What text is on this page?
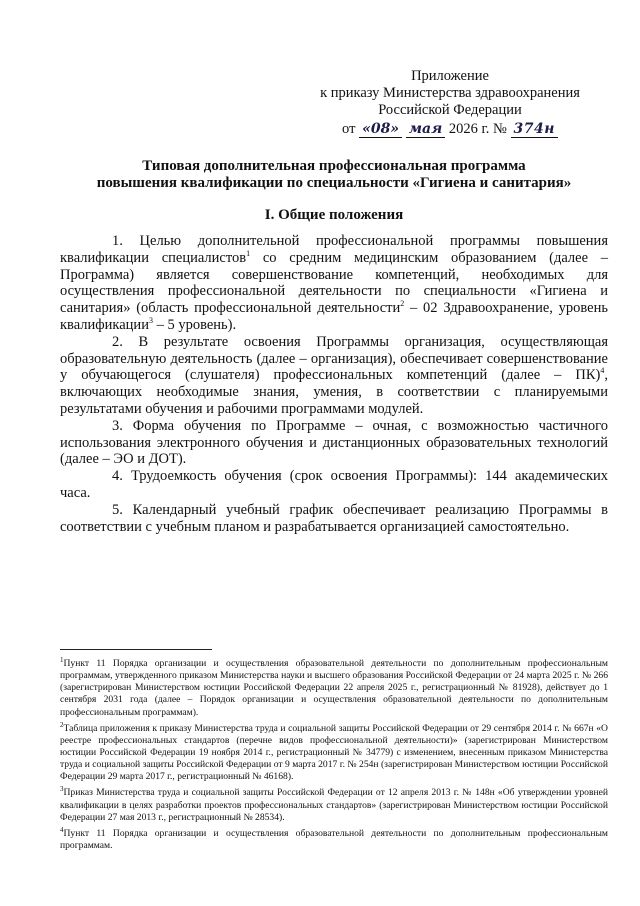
Приложение
к приказу Министерства здравоохранения
Российской Федерации
от «08» мая 2026 г. № 374н
Типовая дополнительная профессиональная программа
повышения квалификации по специальности «Гигиена и санитария»
I. Общие положения

1. Целью дополнительной профессиональной программы повышения квалификации специалистов$^1$ со средним медицинским образованием (далее – Программа) является совершенствование компетенций, необходимых для осуществления профессиональной деятельности по специальности «Гигиена и санитария» (область профессиональной деятельности$^2$ – 02 Здравоохранение, уровень квалификации$^3$ – 5 уровень).

2. В результате освоения Программы организация, осуществляющая образовательную деятельность (далее – организация), обеспечивает совершенствование у обучающегося (слушателя) профессиональных компетенций (далее – ПК)$^4$, включающих необходимые знания, умения, в соответствии с планируемыми результатами обучения и рабочими программами модулей.

3. Форма обучения по Программе – очная, с возможностью частичного использования электронного обучения и дистанционных образовательных технологий (далее – ЭО и ДОТ).

4. Трудоемкость обучения (срок освоения Программы): 144 академических часа.

5. Календарный учебный график обеспечивает реализацию Программы в соответствии с учебным планом и разрабатывается организацией самостоятельно.

$^1$Пункт 11 Порядка организации и осуществления образовательной деятельности по дополнительным профессиональным программам, утвержденного приказом Министерства науки и высшего образования Российской Федерации от 24 марта 2025 г. № 266 (зарегистрирован Министерством юстиции Российской Федерации 22 апреля 2025 г., регистрационный № 81928), действует до 1 сентября 2031 года (далее – Порядок организации и осуществления образовательной деятельности по дополнительным профессиональным программам).

$^2$Таблица приложения к приказу Министерства труда и социальной защиты Российской Федерации от 29 сентября 2014 г. № 667н «О реестре профессиональных стандартов (перечне видов профессиональной деятельности)» (зарегистрирован Министерством юстиции Российской Федерации 19 ноября 2014 г., регистрационный № 34779) с изменением, внесенным приказом Министерства труда и социальной защиты Российской Федерации от 9 марта 2017 г. № 254н (зарегистрирован Министерством юстиции Российской Федерации 29 марта 2017 г., регистрационный № 46168).

$^3$Приказ Министерства труда и социальной защиты Российской Федерации от 12 апреля 2013 г. № 148н «Об утверждении уровней квалификации в целях разработки проектов профессиональных стандартов» (зарегистрирован Министерством юстиции Российской Федерации 27 мая 2013 г., регистрационный № 28534).

$^4$Пункт 11 Порядка организации и осуществления образовательной деятельности по дополнительным профессиональным программам.
